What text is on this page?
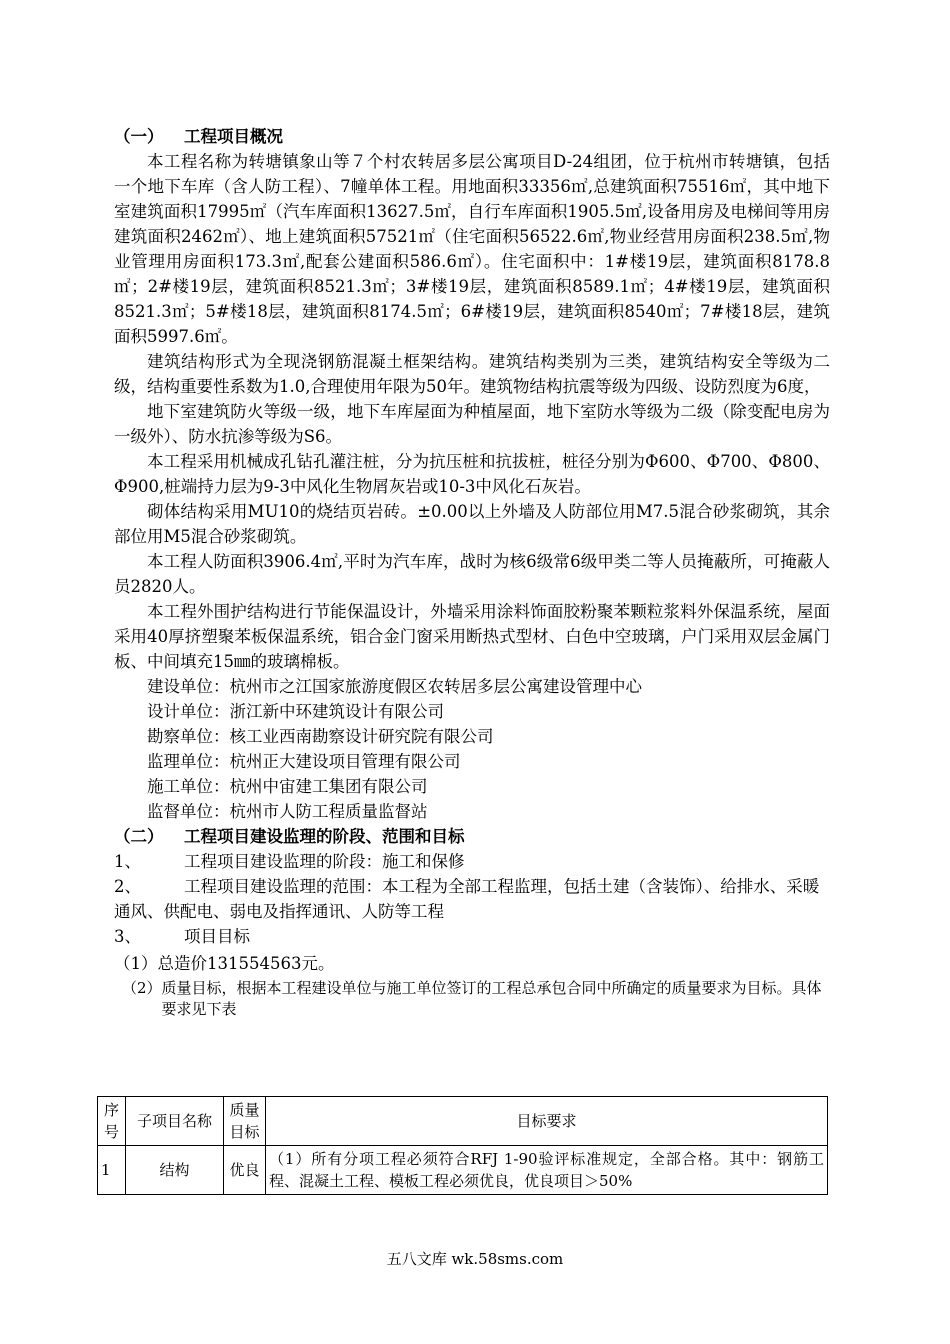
（一） 工程项目概况

本工程名称为转塘镇象山等７个村农转居多层公寓项目D-24组团，位于杭州市转塘镇，包括一个地下车库（含人防工程）、7幢单体工程。用地面积33356㎡,总建筑面积75516㎡，其中地下室建筑面积17995㎡（汽车库面积13627.5㎡，自行车库面积1905.5㎡,设备用房及电梯间等用房建筑面积2462㎡）、地上建筑面积57521㎡（住宅面积56522.6㎡,物业经营用房面积238.5㎡,物业管理用房面积173.3㎡,配套公建面积586.6㎡）。住宅面积中：1#楼19层，建筑面积8178.8㎡；2#楼19层，建筑面积8521.3㎡；3#楼19层，建筑面积8589.1㎡；4#楼19层，建筑面积8521.3㎡；5#楼18层，建筑面积8174.5㎡；6#楼19层，建筑面积8540㎡；7#楼18层，建筑面积5997.6㎡。

建筑结构形式为全现浇钢筋混凝土框架结构。建筑结构类别为三类，建筑结构安全等级为二级，结构重要性系数为1.0,合理使用年限为50年。建筑物结构抗震等级为四级、设防烈度为6度，

地下室建筑防火等级一级，地下车库屋面为种植屋面，地下室防水等级为二级（除变配电房为一级外）、防水抗渗等级为S6。

本工程采用机械成孔钻孔灌注桩，分为抗压桩和抗拔桩，桩径分别为Φ600、Φ700、Φ800、Φ900,桩端持力层为9-3中风化生物屑灰岩或10-3中风化石灰岩。

砌体结构采用MU10的烧结页岩砖。±0.00以上外墙及人防部位用M7.5混合砂浆砌筑，其余部位用M5混合砂浆砌筑。

本工程人防面积3906.4㎡,平时为汽车库，战时为核6级常6级甲类二等人员掩蔽所，可掩蔽人员2820人。

本工程外围护结构进行节能保温设计，外墙采用涂料饰面胶粉聚苯颗粒浆料外保温系统，屋面采用40厚挤塑聚苯板保温系统，铝合金门窗采用断热式型材、白色中空玻璃，户门采用双层金属门板、中间填充15㎜的玻璃棉板。

建设单位：杭州市之江国家旅游度假区农转居多层公寓建设管理中心

设计单位：浙江新中环建筑设计有限公司

勘察单位：核工业西南勘察设计研究院有限公司

监理单位：杭州正大建设项目管理有限公司

施工单位：杭州中宙建工集团有限公司

监督单位：杭州市人防工程质量监督站

（二） 工程项目建设监理的阶段、范围和目标

1、	工程项目建设监理的阶段：施工和保修
2、	工程项目建设监理的范围：本工程为全部工程监理，包括土建（含装饰）、给排水、采暖通风、供配电、弱电及指挥通讯、人防等工程
3、	项目目标
（1） 总造价131554563元。
（2） 质量目标，根据本工程建设单位与施工单位签订的工程总承包合同中所确定的质量要求为目标。具体要求见下表
序号	子项目名称	质量目标	目标要求
1	结构	优良	（1）所有分项工程必须符合RFJ 1-90验评标准规定，全部合格。其中：钢筋工程、混凝土工程、模板工程必须优良，优良项目＞50%
五八文库 wk.58sms.com
